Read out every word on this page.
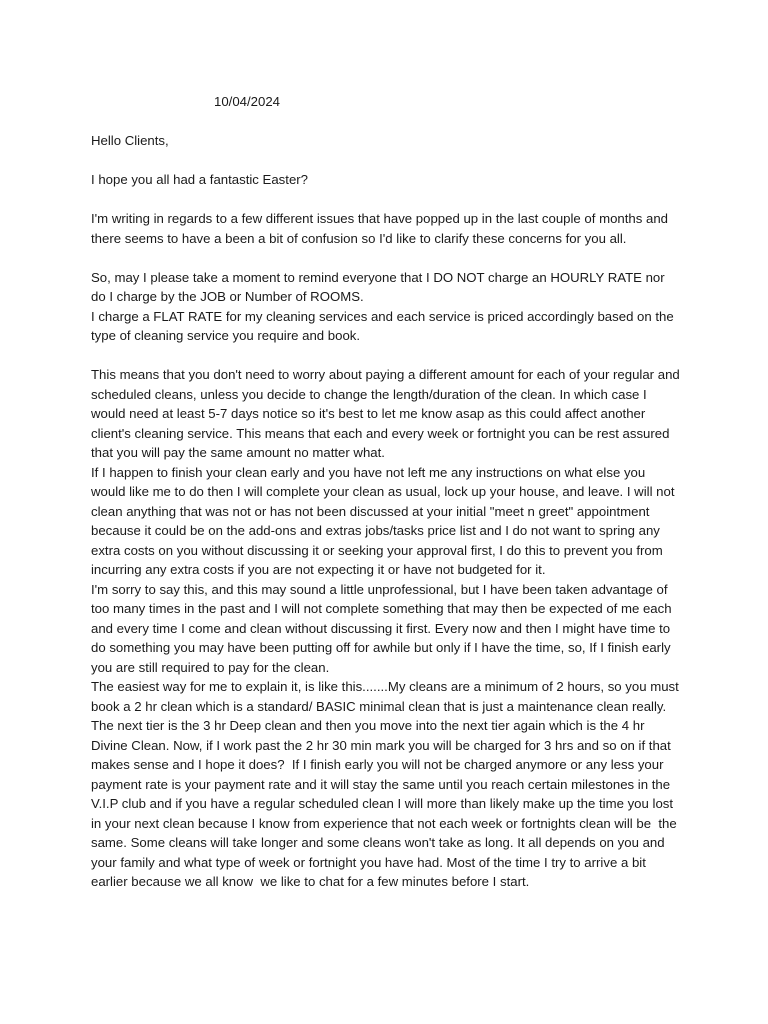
10/04/2024

Hello Clients,

I hope you all had a fantastic Easter?

I'm writing in regards to a few different issues that have popped up in the last couple of months and there seems to have a been a bit of confusion so I'd like to clarify these concerns for you all.

So, may I please take a moment to remind everyone that I DO NOT charge an HOURLY RATE nor do I charge by the JOB or Number of ROOMS.

I charge a FLAT RATE for my cleaning services and each service is priced accordingly based on the type of cleaning service you require and book.

This means that you don't need to worry about paying a different amount for each of your regular and scheduled cleans, unless you decide to change the length/duration of the clean. In which case I would need at least 5-7 days notice so it's best to let me know asap as this could affect another client's cleaning service. This means that each and every week or fortnight you can be rest assured that you will pay the same amount no matter what.

If I happen to finish your clean early and you have not left me any instructions on what else you would like me to do then I will complete your clean as usual, lock up your house, and leave. I will not clean anything that was not or has not been discussed at your initial "meet n greet" appointment because it could be on the add-ons and extras jobs/tasks price list and I do not want to spring any extra costs on you without discussing it or seeking your approval first, I do this to prevent you from incurring any extra costs if you are not expecting it or have not budgeted for it.

I'm sorry to say this, and this may sound a little unprofessional, but I have been taken advantage of too many times in the past and I will not complete something that may then be expected of me each and every time I come and clean without discussing it first. Every now and then I might have time to do something you may have been putting off for awhile but only if I have the time, so, If I finish early you are still required to pay for the clean.

The easiest way for me to explain it, is like this.......My cleans are a minimum of 2 hours, so you must book a 2 hr clean which is a standard/ BASIC minimal clean that is just a maintenance clean really.  The next tier is the 3 hr Deep clean and then you move into the next tier again which is the 4 hr Divine Clean. Now, if I work past the 2 hr 30 min mark you will be charged for 3 hrs and so on if that makes sense and I hope it does?  If I finish early you will not be charged anymore or any less your payment rate is your payment rate and it will stay the same until you reach certain milestones in the V.I.P club and if you have a regular scheduled clean I will more than likely make up the time you lost in your next clean because I know from experience that not each week or fortnights clean will be  the same. Some cleans will take longer and some cleans won't take as long. It all depends on you and your family and what type of week or fortnight you have had. Most of the time I try to arrive a bit earlier because we all know  we like to chat for a few minutes before I start.
